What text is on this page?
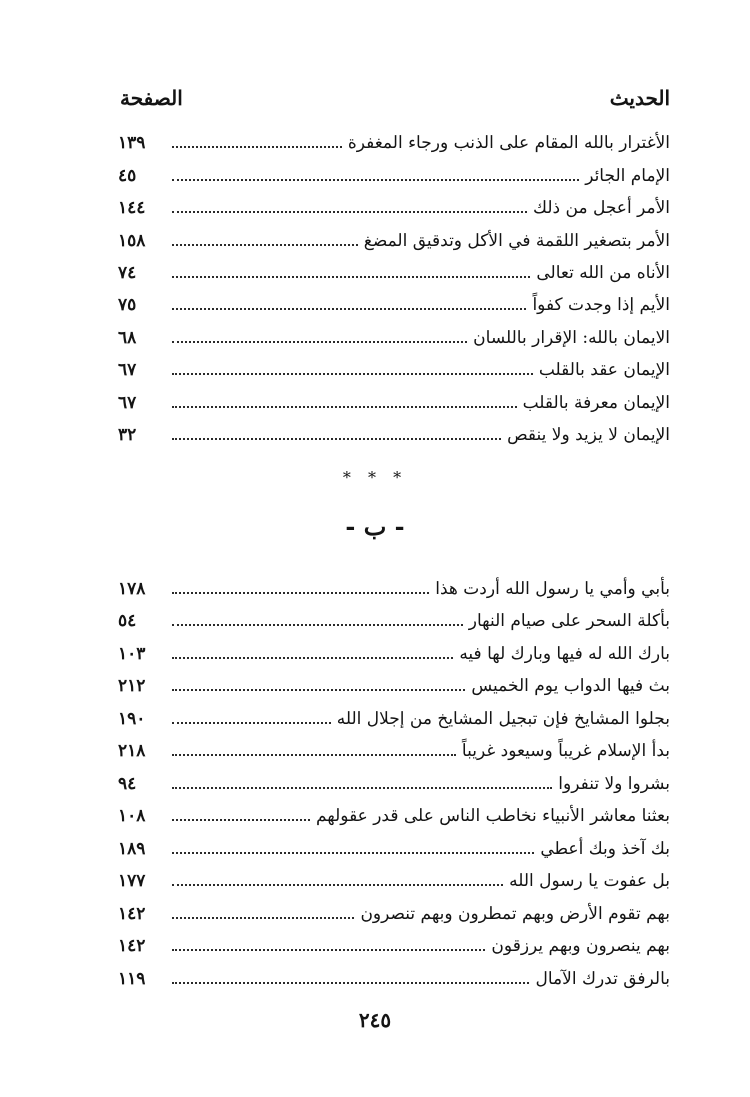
الحديث
الصفحة
الأغترار بالله المقام على الذنب ورجاء المغفرة
١٣٩
الإمام الجائر
٤٥
الأمر أعجل من ذلك
١٤٤
الأمر بتصغير اللقمة في الأكل وتدقيق المضغ
١٥٨
الأناه من الله تعالى
٧٤
الأيم إذا وجدت كفواً
٧٥
الايمان بالله: الإقرار باللسان
٦٨
الإيمان عقد بالقلب
٦٧
الإيمان معرفة بالقلب
٦٧
الإيمان لا يزيد ولا ينقص
٣٢
* * *
- ب -
بأبي وأمي يا رسول الله أردت هذا
١٧٨
بأكلة السحر على صيام النهار
٥٤
بارك الله له فيها وبارك لها فيه
١٠٣
بث فيها الدواب يوم الخميس
٢١٢
بجلوا المشايخ فإن تبجيل المشايخ من إجلال الله
١٩٠
بدأ الإسلام غريباً وسيعود غريباً
٢١٨
بشروا ولا تنفروا
٩٤
بعثنا معاشر الأنبياء نخاطب الناس على قدر عقولهم
١٠٨
بك آخذ وبك أعطي
١٨٩
بل عفوت يا رسول الله
١٧٧
بهم تقوم الأرض وبهم تمطرون وبهم تنصرون
١٤٢
بهم ينصرون وبهم يرزقون
١٤٢
بالرفق تدرك الآمال
١١٩
٢٤٥
